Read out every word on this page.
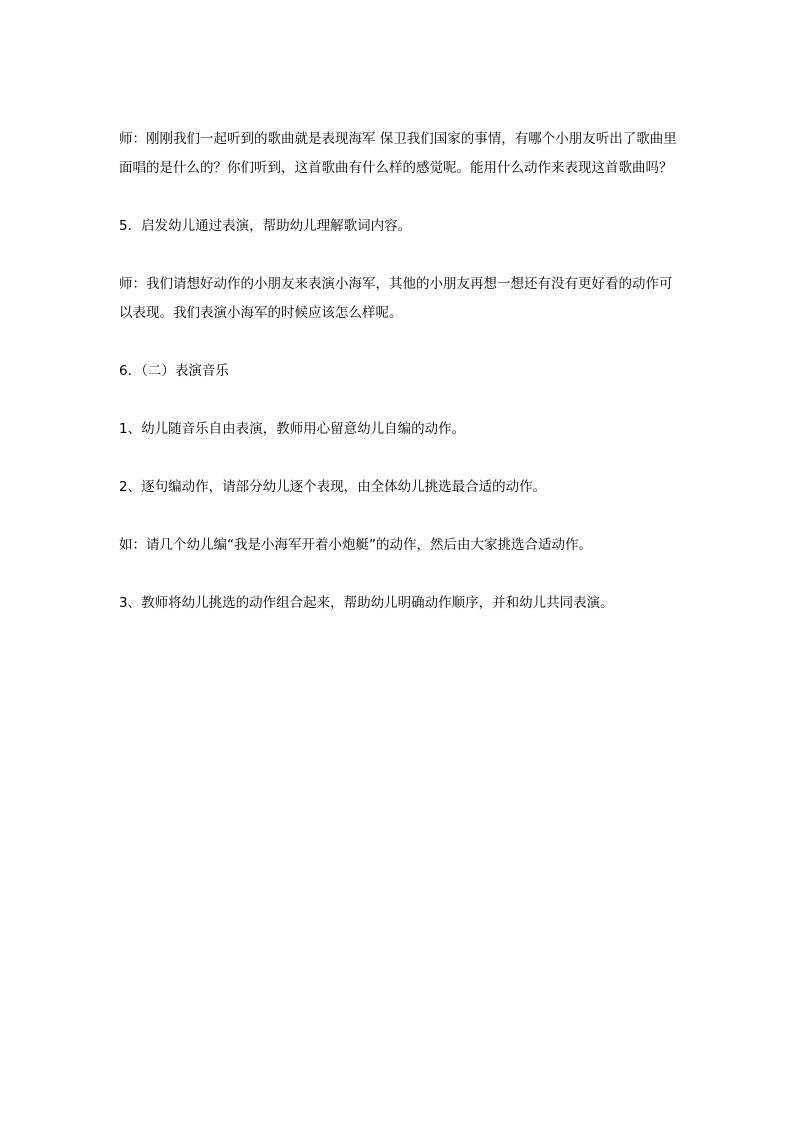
师：刚刚我们一起听到的歌曲就是表现海军 保卫我们国家的事情，有哪个小朋友听出了歌曲里面唱的是什么的？你们听到，这首歌曲有什么样的感觉呢。能用什么动作来表现这首歌曲吗？

5．启发幼儿通过表演，帮助幼儿理解歌词内容。

师：我们请想好动作的小朋友来表演小海军，其他的小朋友再想一想还有没有更好看的动作可以表现。我们表演小海军的时候应该怎么样呢。

6．（二）表演音乐

1、幼儿随音乐自由表演，教师用心留意幼儿自编的动作。

2、逐句编动作，请部分幼儿逐个表现，由全体幼儿挑选最合适的动作。

如：请几个幼儿编“我是小海军开着小炮艇”的动作，然后由大家挑选合适动作。

3、教师将幼儿挑选的动作组合起来，帮助幼儿明确动作顺序，并和幼儿共同表演。
